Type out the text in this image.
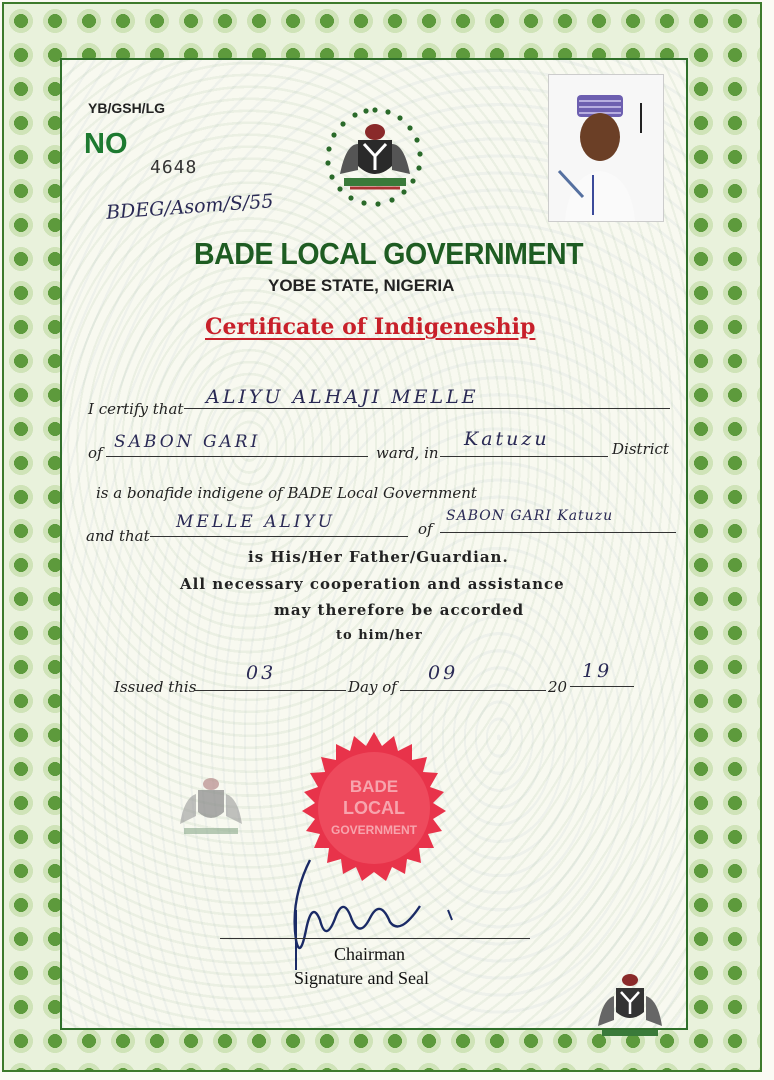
YB/GSH/LG
NO
4648
BDEG/Asom/S/55
BADE LOCAL GOVERNMENT
YOBE STATE, NIGERIA
Certificate of Indigeneship
I certify that
ALIYU ALHAJI MELLE
of
SABON GARI
ward, in
Katuzu	District
is a bonafide indigene of BADE Local Government
and that
MELLE ALIYU	of
SABON GARI Katuzu
is His/Her Father/Guardian.
All necessary cooperation and assistance
may therefore be accorded
to him/her
Issued this
03
Day of
09
20
19
BADE
LOCAL
GOVERNMENT
Chairman
Signature and Seal
